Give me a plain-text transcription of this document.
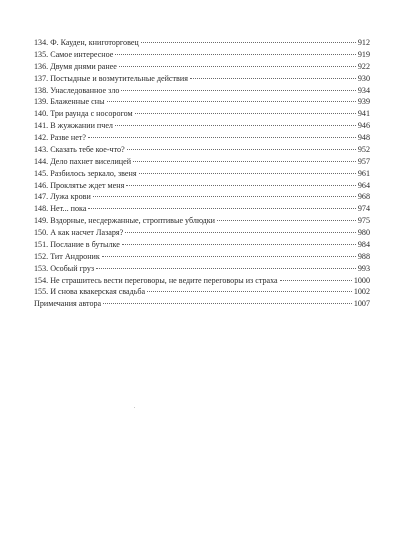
134. Ф. Кауден, книготорговец	912
135. Самое интересное	919
136. Двумя днями ранее	922
137. Постыдные и возмутительные действия	930
138. Унаследованное зло	934
139. Блаженные сны	939
140. Три раунда с носорогом	941
141. В жужжании пчел	946
142. Разве нет?	948
143. Сказать тебе кое-что?	952
144. Дело пахнет виселицей	957
145. Разбилось зеркало, звеня	961
146. Проклятье ждет меня	964
147. Лужа крови	968
148. Нет... пока	974
149. Вздорные, несдержанные, строптивые ублюдки	975
150. А как насчет Лазаря?	980
151. Послание в бутылке	984
152. Тит Андроник	988
153. Особый груз	993
154. Не страшитесь вести переговоры, не ведите переговоры из страха	1000
155. И снова квакерская свадьба	1002
Примечания автора	1007
